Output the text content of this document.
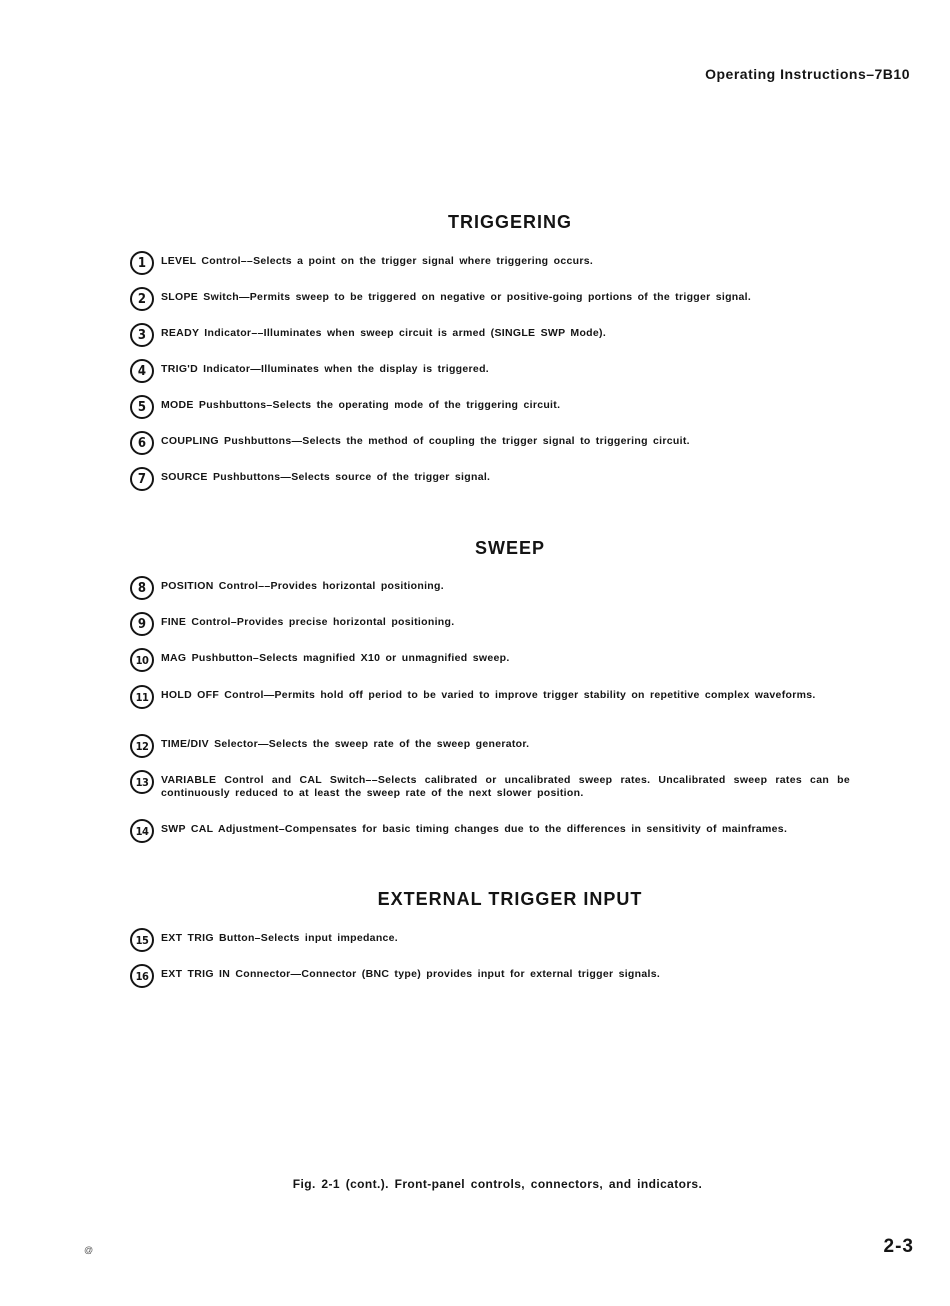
Operating Instructions–7B10
TRIGGERING
1	LEVEL Control––Selects a point on the trigger signal where triggering occurs.
2	SLOPE Switch—Permits sweep to be triggered on negative or positive-going portions of the trigger signal.
3	READY Indicator––Illuminates when sweep circuit is armed (SINGLE SWP Mode).
4	TRIG'D Indicator—Illuminates when the display is triggered.
5	MODE Pushbuttons–Selects the operating mode of the triggering circuit.
6	COUPLING Pushbuttons—Selects the method of coupling the trigger signal to triggering circuit.
7	SOURCE Pushbuttons—Selects source of the trigger signal.
SWEEP
8	POSITION Control––Provides horizontal positioning.
9	FINE Control–Provides precise horizontal positioning.
10	MAG Pushbutton–Selects magnified X10 or unmagnified sweep.
11	HOLD OFF Control—Permits hold off period to be varied to improve trigger stability on repetitive complex waveforms.
12	TIME/DIV Selector—Selects the sweep rate of the sweep generator.
13	VARIABLE Control and CAL Switch––Selects calibrated or uncalibrated sweep rates. Uncalibrated sweep rates can be continuously reduced to at least the sweep rate of the next slower position.
14	SWP CAL Adjustment–Compensates for basic timing changes due to the differences in sensitivity of mainframes.
EXTERNAL TRIGGER INPUT
15	EXT TRIG Button–Selects input impedance.
16	EXT TRIG IN Connector—Connector (BNC type) provides input for external trigger signals.
Fig. 2-1 (cont.). Front-panel controls, connectors, and indicators.
@	2-3
